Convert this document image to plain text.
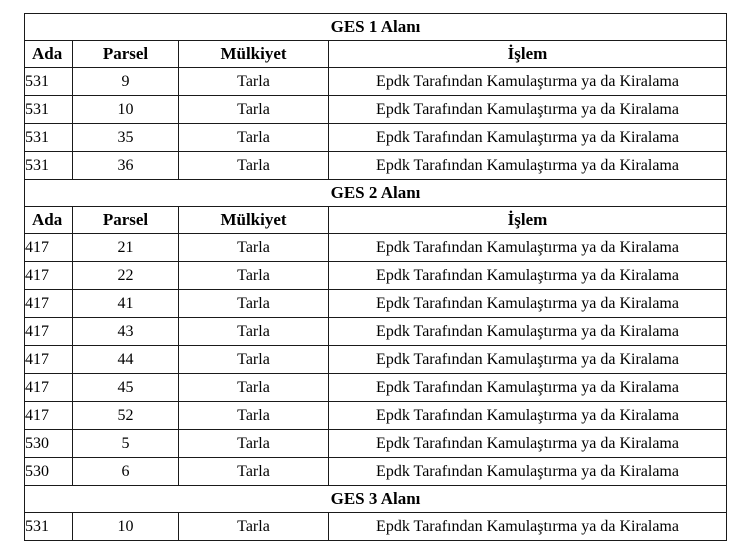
GES 1 Alanı			
Ada	Parsel	Mülkiyet	İşlem
531	9	Tarla	Epdk Tarafından Kamulaştırma ya da Kiralama
531	10	Tarla	Epdk Tarafından Kamulaştırma ya da Kiralama
531	35	Tarla	Epdk Tarafından Kamulaştırma ya da Kiralama
531	36	Tarla	Epdk Tarafından Kamulaştırma ya da Kiralama
GES 2 Alanı			
Ada	Parsel	Mülkiyet	İşlem
417	21	Tarla	Epdk Tarafından Kamulaştırma ya da Kiralama
417	22	Tarla	Epdk Tarafından Kamulaştırma ya da Kiralama
417	41	Tarla	Epdk Tarafından Kamulaştırma ya da Kiralama
417	43	Tarla	Epdk Tarafından Kamulaştırma ya da Kiralama
417	44	Tarla	Epdk Tarafından Kamulaştırma ya da Kiralama
417	45	Tarla	Epdk Tarafından Kamulaştırma ya da Kiralama
417	52	Tarla	Epdk Tarafından Kamulaştırma ya da Kiralama
530	5	Tarla	Epdk Tarafından Kamulaştırma ya da Kiralama
530	6	Tarla	Epdk Tarafından Kamulaştırma ya da Kiralama
GES 3 Alanı			
531	10	Tarla	Epdk Tarafından Kamulaştırma ya da Kiralama
